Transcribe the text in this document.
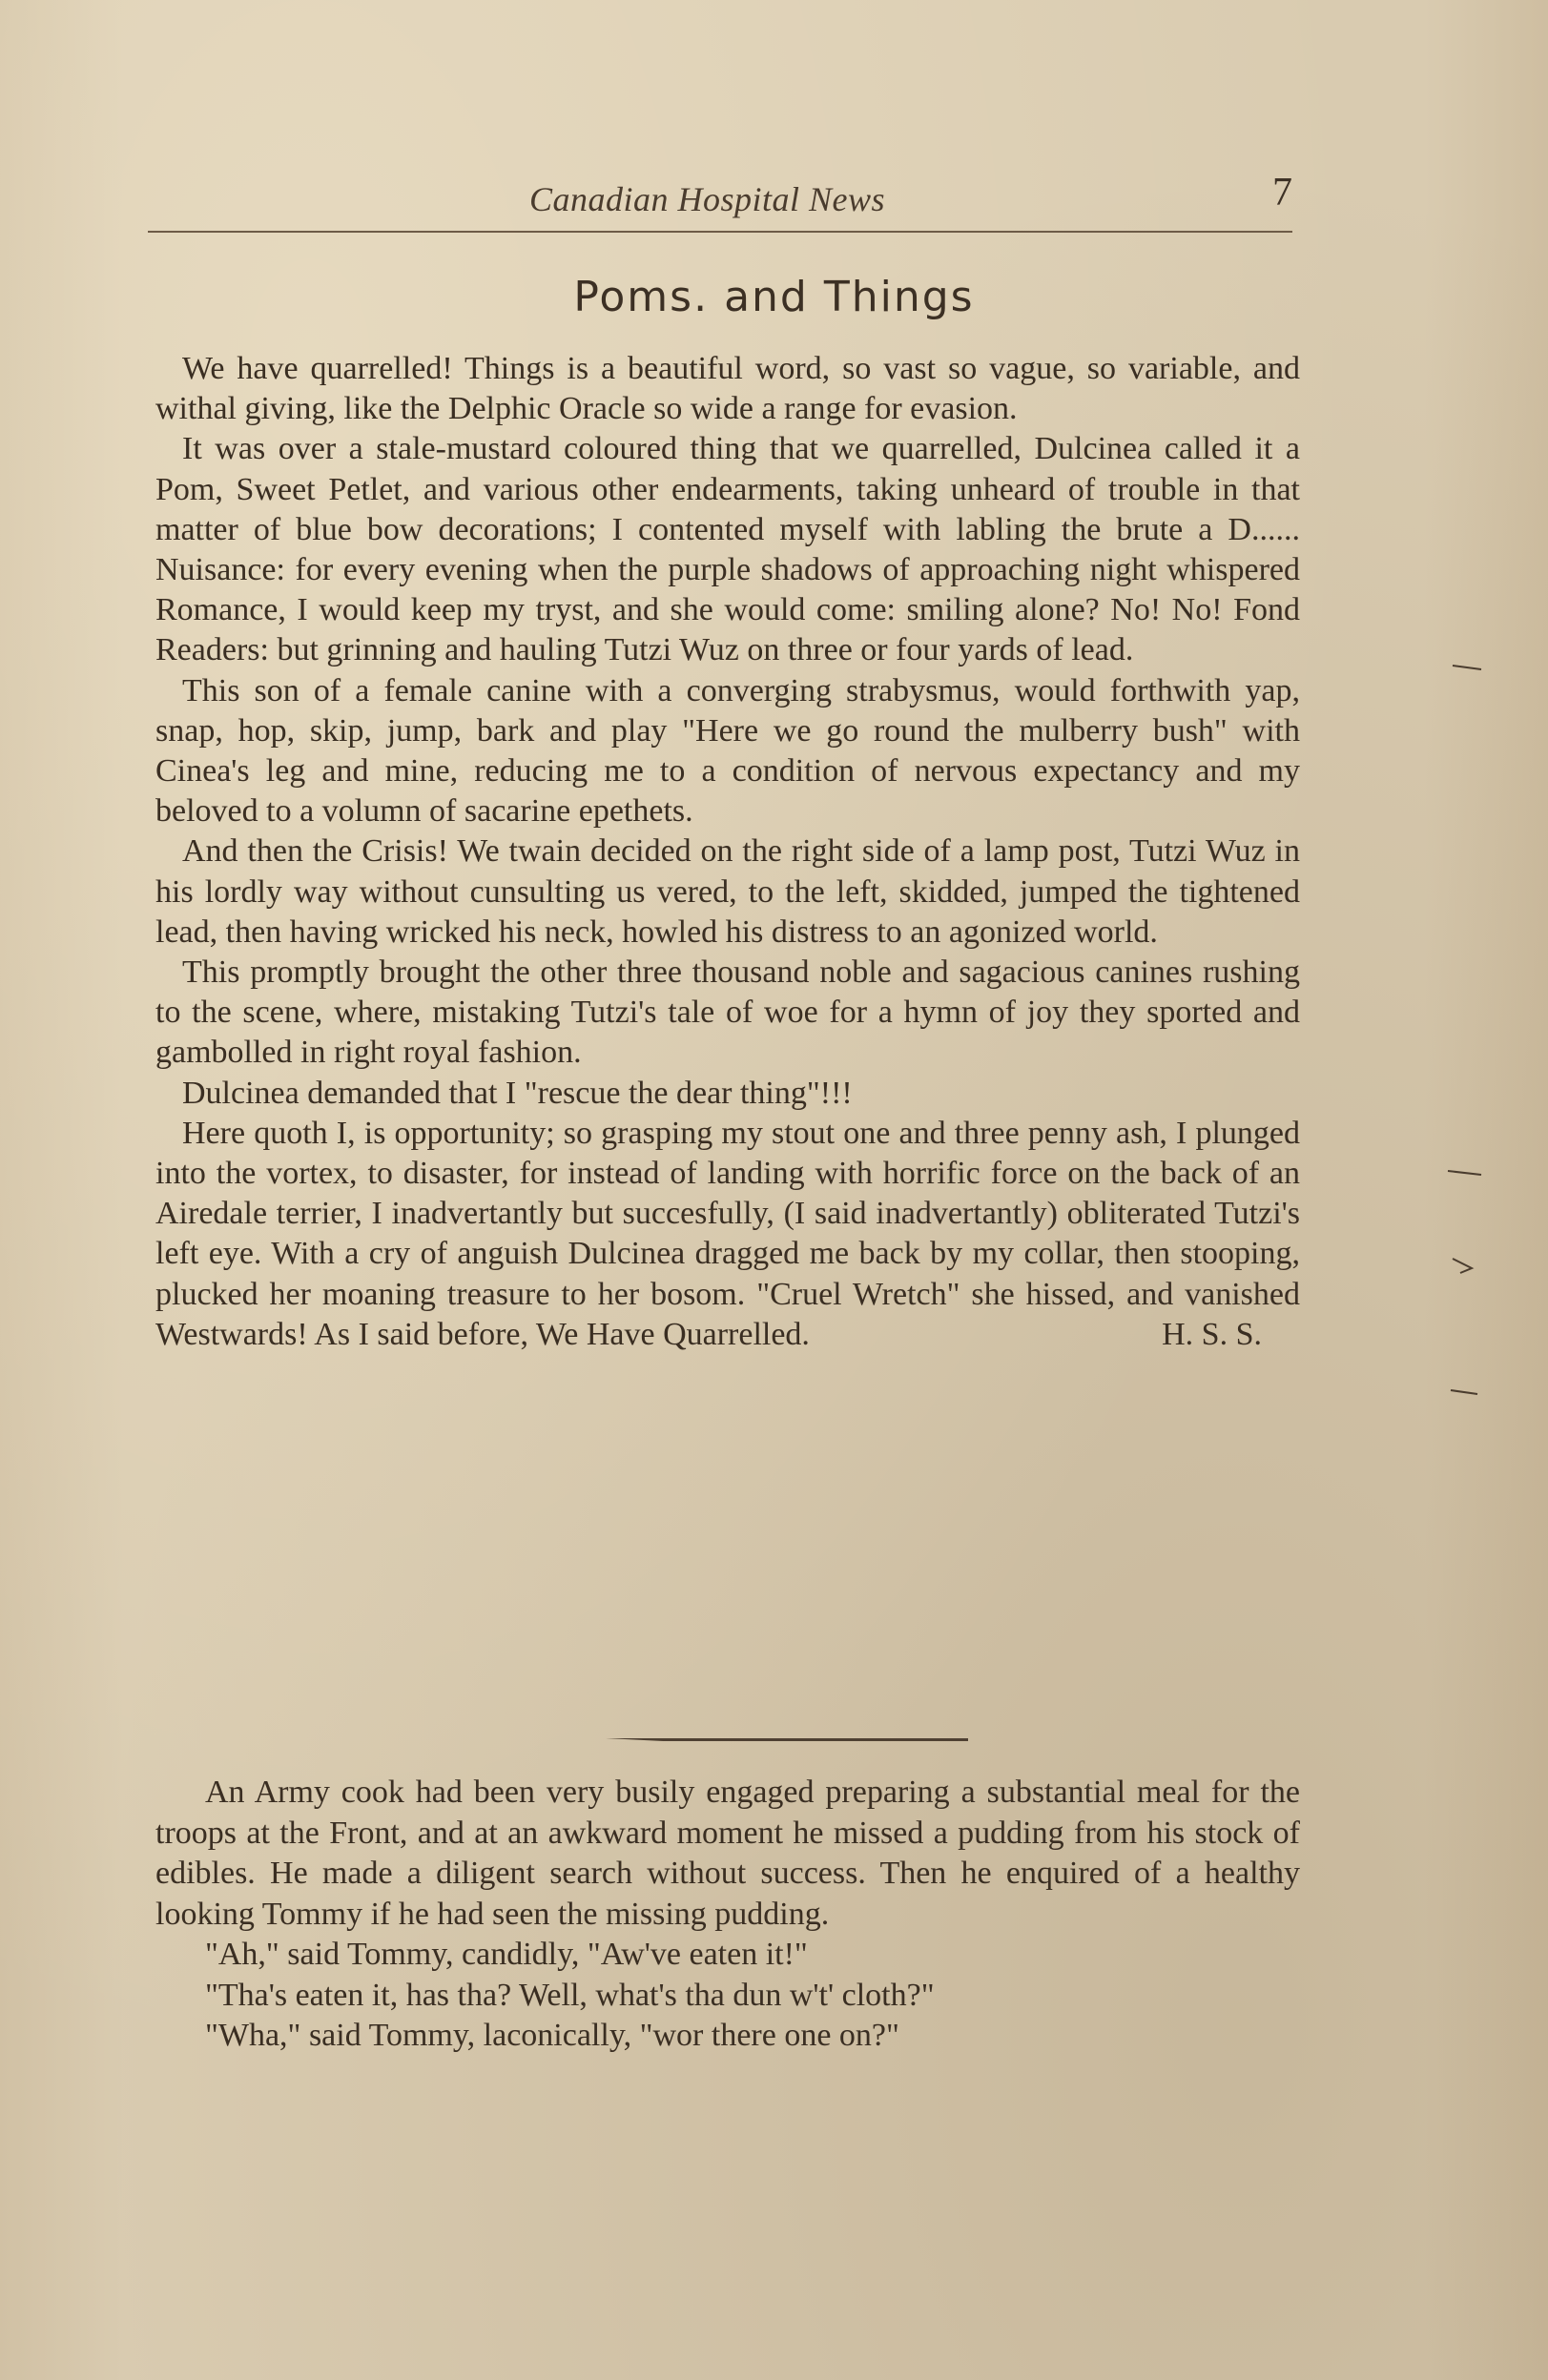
Canadian Hospital News	7
Poms. and Things

We have quarrelled! Things is a beautiful word, so vast so vague, so variable, and withal giving, like the Delphic Oracle so wide a range for evasion.

It was over a stale-mustard coloured thing that we quarrelled, Dulcinea called it a Pom, Sweet Petlet, and various other endearments, taking unheard of trouble in that matter of blue bow decorations; I contented myself with labling the brute a D...... Nuisance: for every evening when the purple shadows of approaching night whispered Romance, I would keep my tryst, and she would come: smiling alone? No! No! Fond Readers: but grinning and hauling Tutzi Wuz on three or four yards of lead.

This son of a female canine with a converging strabysmus, would forthwith yap, snap, hop, skip, jump, bark and play "Here we go round the mulberry bush" with Cinea's leg and mine, reducing me to a condition of nervous expectancy and my beloved to a volumn of sacarine epethets.

And then the Crisis! We twain decided on the right side of a lamp post, Tutzi Wuz in his lordly way without cunsulting us vered, to the left, skidded, jumped the tightened lead, then having wricked his neck, howled his distress to an agonized world.

This promptly brought the other three thousand noble and sagacious canines rushing to the scene, where, mistaking Tutzi's tale of woe for a hymn of joy they sported and gambolled in right royal fashion.

Dulcinea demanded that I "rescue the dear thing"!!!

Here quoth I, is opportunity; so grasping my stout one and three penny ash, I plunged into the vortex, to disaster, for instead of landing with horrific force on the back of an Airedale terrier, I inadvertantly but succesfully, (I said inadvertantly) obliterated Tutzi's left eye. With a cry of anguish Dulcinea dragged me back by my collar, then stooping, plucked her moaning treasure to her bosom. "Cruel Wretch" she hissed, and vanished Westwards! As I said before, We Have Quarrelled.	H. S. S.

An Army cook had been very busily engaged preparing a substantial meal for the troops at the Front, and at an awkward moment he missed a pudding from his stock of edibles. He made a diligent search without success. Then he enquired of a healthy looking Tommy if he had seen the missing pudding.

"Ah," said Tommy, candidly, "Aw've eaten it!"

"Tha's eaten it, has tha? Well, what's tha dun w't' cloth?"

"Wha," said Tommy, laconically, "wor there one on?"
